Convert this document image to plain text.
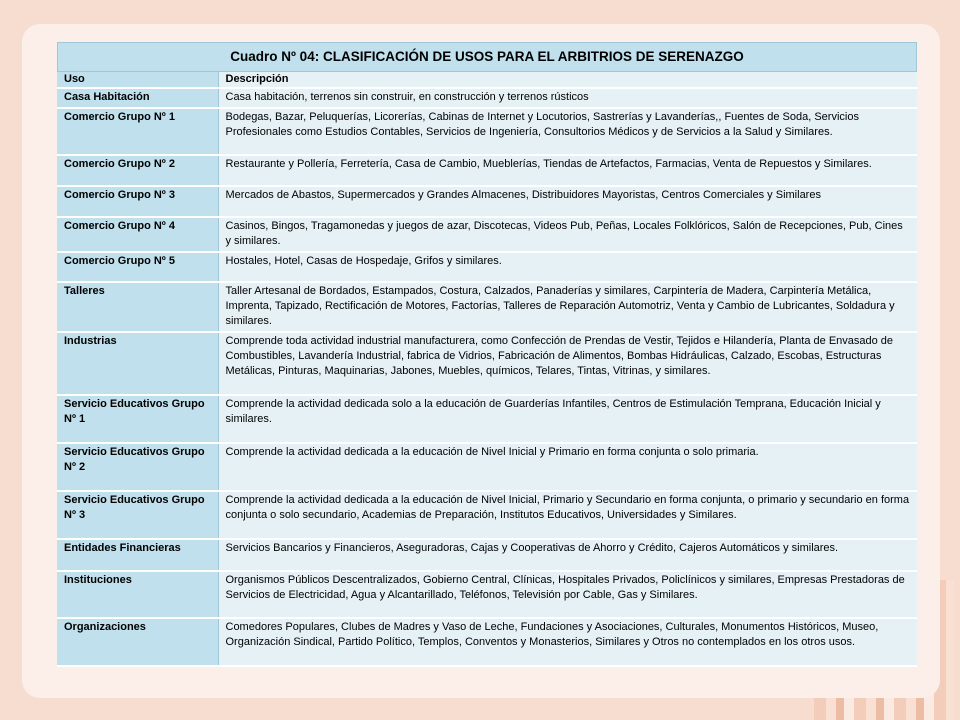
Cuadro Nº 04: CLASIFICACIÓN DE USOS PARA EL ARBITRIOS DE SERENAZGO
Uso	Descripción
Casa Habitación	Casa habitación, terrenos sin construir, en construcción y terrenos rústicos
Comercio Grupo Nº 1	Bodegas, Bazar, Peluquerías, Licorerías, Cabinas de Internet y Locutorios, Sastrerías y Lavanderías,, Fuentes de Soda, Servicios Profesionales como Estudios Contables, Servicios de Ingeniería, Consultorios Médicos y de Servicios a la Salud y Similares.
Comercio Grupo Nº 2	Restaurante y Pollería, Ferretería, Casa de Cambio, Mueblerías, Tiendas de Artefactos, Farmacias, Venta de Repuestos y Similares.
Comercio Grupo Nº 3	Mercados de Abastos, Supermercados y Grandes Almacenes, Distribuidores Mayoristas, Centros Comerciales y Similares
Comercio Grupo Nº 4	Casinos, Bingos, Tragamonedas y juegos de azar, Discotecas, Videos Pub, Peñas, Locales Folklóricos, Salón de Recepciones, Pub, Cines y similares.
Comercio Grupo Nº 5	Hostales, Hotel, Casas de Hospedaje, Grifos y similares.
Talleres	Taller Artesanal de Bordados, Estampados, Costura, Calzados, Panaderías y similares, Carpintería de Madera, Carpintería Metálica, Imprenta, Tapizado, Rectificación de Motores, Factorías, Talleres de Reparación Automotriz, Venta y Cambio de Lubricantes, Soldadura y similares.
Industrias	Comprende toda actividad industrial manufacturera, como Confección de Prendas de Vestir, Tejidos e Hilandería, Planta de Envasado de Combustibles, Lavandería Industrial, fabrica de Vidrios, Fabricación de Alimentos, Bombas Hidráulicas, Calzado, Escobas, Estructuras Metálicas, Pinturas, Maquinarias, Jabones, Muebles, químicos, Telares, Tintas, Vitrinas, y similares.
Servicio Educativos Grupo Nº 1	Comprende la actividad dedicada solo a la educación de Guarderías Infantiles, Centros de Estimulación Temprana, Educación Inicial y similares.
Servicio Educativos Grupo Nº 2	Comprende la actividad dedicada a la educación de Nivel Inicial y Primario en forma conjunta o solo primaria.
Servicio Educativos Grupo Nº 3	Comprende la actividad dedicada a la educación de Nivel Inicial, Primario y Secundario en forma conjunta, o primario y secundario en forma conjunta o solo secundario, Academias de Preparación, Institutos Educativos, Universidades y Similares.
Entidades Financieras	Servicios Bancarios y Financieros, Aseguradoras, Cajas y Cooperativas de Ahorro y Crédito, Cajeros Automáticos y similares.
Instituciones	Organismos Públicos Descentralizados, Gobierno Central, Clínicas, Hospitales Privados, Policlínicos y similares, Empresas Prestadoras de Servicios de Electricidad, Agua y Alcantarillado, Teléfonos, Televisión por Cable, Gas y Similares.
Organizaciones	Comedores Populares, Clubes de Madres y Vaso de Leche, Fundaciones y Asociaciones, Culturales, Monumentos Históricos, Museo, Organización Sindical, Partido Político, Templos, Conventos y Monasterios, Similares y Otros no contemplados en los otros usos.
